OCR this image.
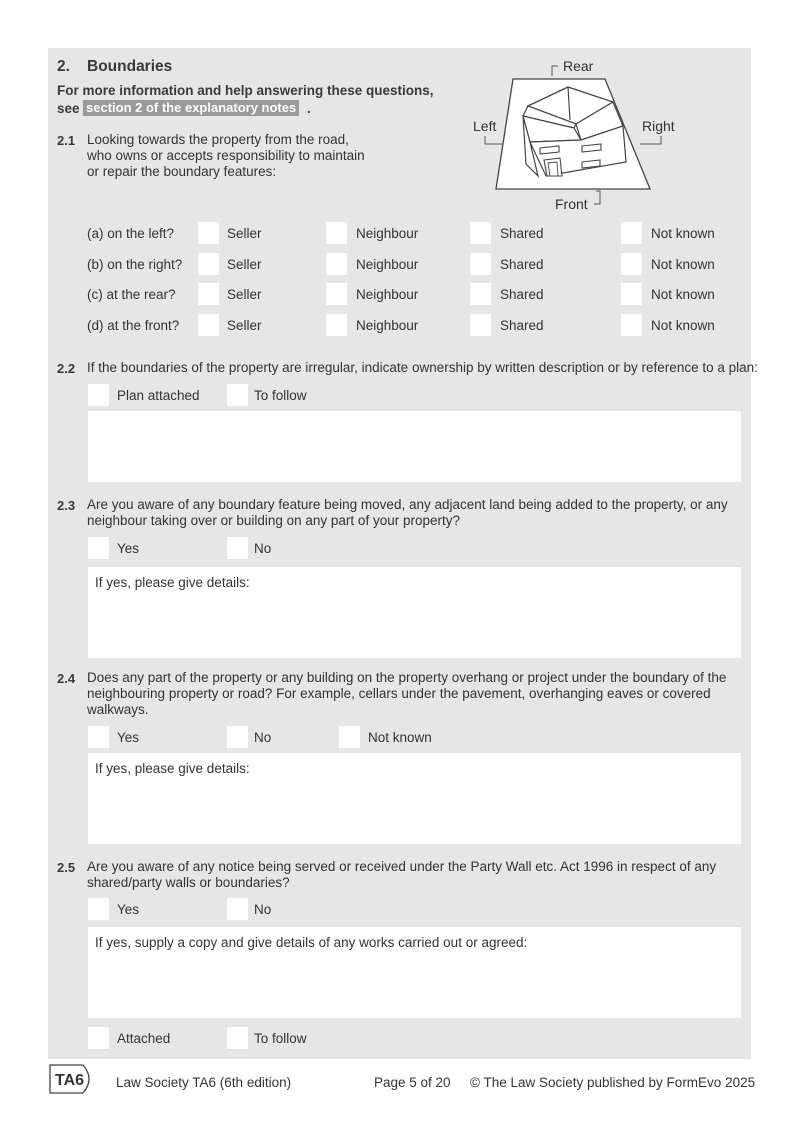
2. Boundaries
For more information and help answering these questions,
see section 2 of the explanatory notes .
Rear
Left	Right
Front
2.1 Looking towards the property from the road, who owns or accepts responsibility to maintain or repair the boundary features:
(a) on the left?	Seller	Neighbour	Shared	Not known
(b) on the right?	Seller	Neighbour	Shared	Not known
(c) at the rear?	Seller	Neighbour	Shared	Not known
(d) at the front?	Seller	Neighbour	Shared	Not known
2.2 If the boundaries of the property are irregular, indicate ownership by written description or by reference to a plan:
Plan attached	To follow
2.3 Are you aware of any boundary feature being moved, any adjacent land being added to the property, or any neighbour taking over or building on any part of your property?
Yes	No
If yes, please give details:
2.4 Does any part of the property or any building on the property overhang or project under the boundary of the neighbouring property or road? For example, cellars under the pavement, overhanging eaves or covered walkways.
Yes	No	Not known
If yes, please give details:
2.5 Are you aware of any notice being served or received under the Party Wall etc. Act 1996 in respect of any shared/party walls or boundaries?
Yes	No
If yes, supply a copy and give details of any works carried out or agreed:
Attached	To follow
TA6 Law Society TA6 (6th edition)	Page 5 of 20 © The Law Society published by FormEvo 2025
